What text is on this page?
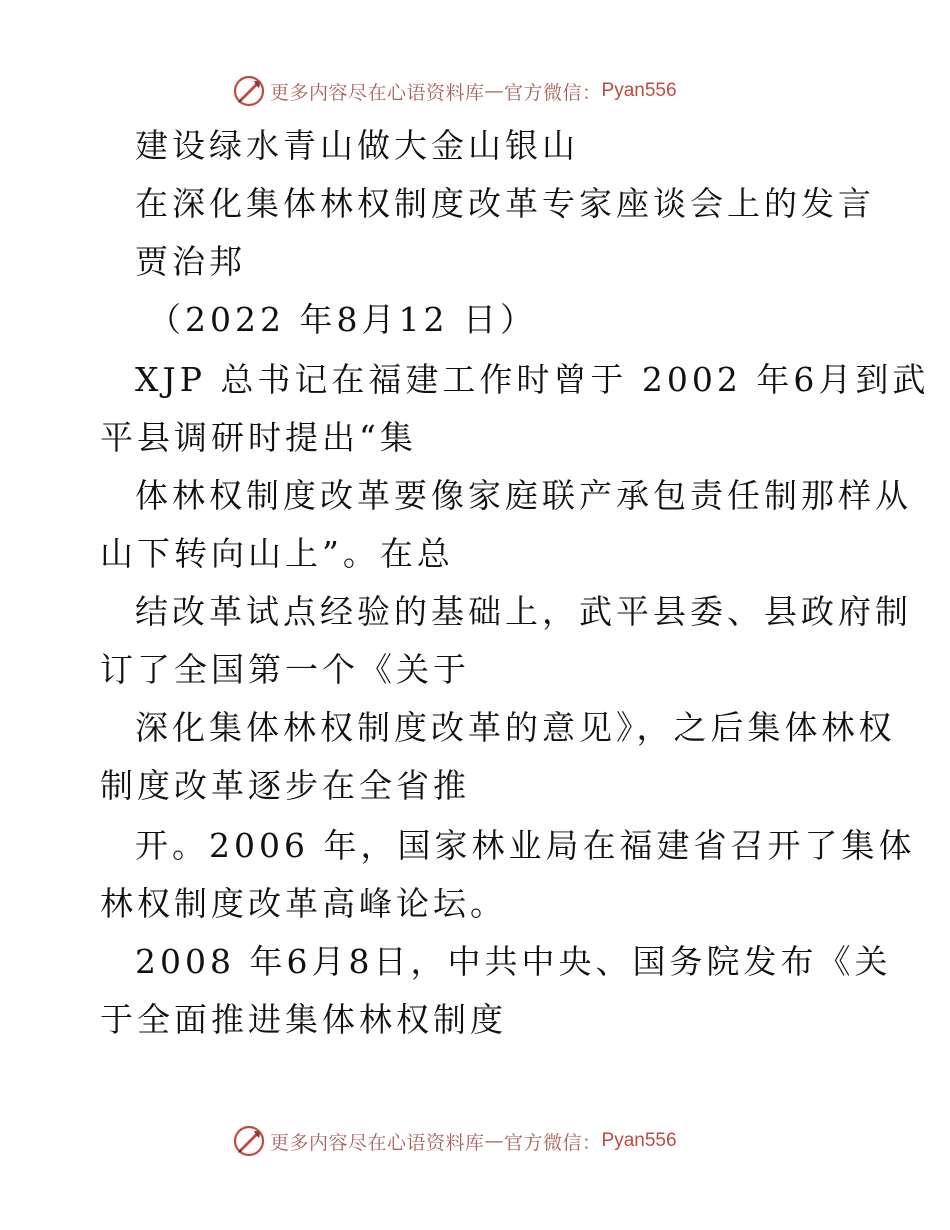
更多内容尽在心语资料库 — 官方微信： Pyan556
建设绿水青山做大金山银山
在深化集体林权制度改革专家座谈会上的发言
贾治邦
（2022 年8月12 日）
XJP 总书记在福建工作时曾于 2002 年6月到武
平县调研时提出“集
体林权制度改革要像家庭联产承包责任制那样从
山下转向山上”。在总
结改革试点经验的基础上，武平县委、县政府制
订了全国第一个《关于
深化集体林权制度改革的意见》，之后集体林权
制度改革逐步在全省推
开。2006 年，国家林业局在福建省召开了集体
林权制度改革高峰论坛。
2008 年6月8日，中共中央、国务院发布《关
于全面推进集体林权制度
更多内容尽在心语资料库 — 官方微信： Pyan556
